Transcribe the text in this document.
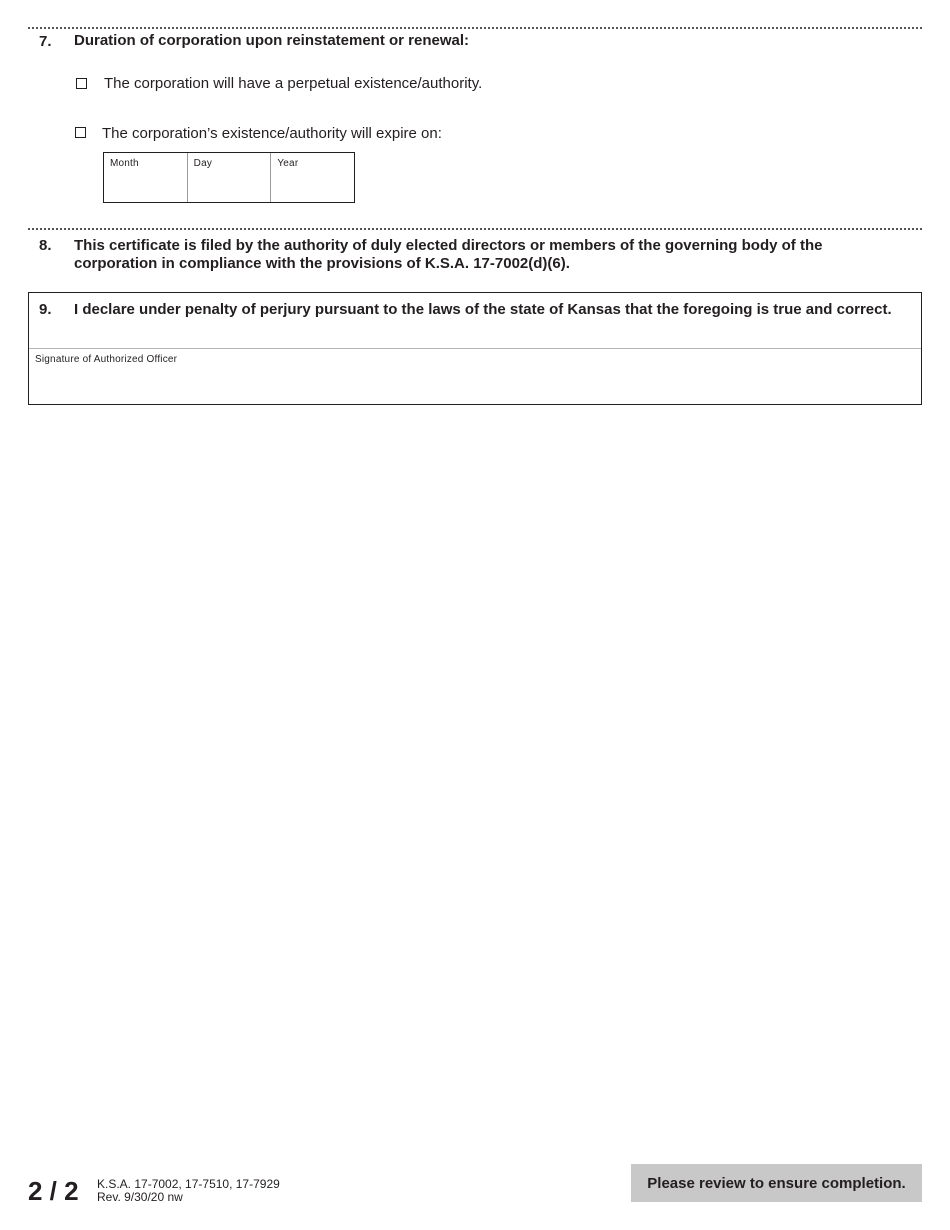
7. Duration of corporation upon reinstatement or renewal:
The corporation will have a perpetual existence/authority.
The corporation’s existence/authority will expire on:
Month	Day	Year
8. This certificate is filed by the authority of duly elected directors or members of the governing body of the
corporation in compliance with the provisions of K.S.A. 17-7002(d)(6).
9. I declare under penalty of perjury pursuant to the laws of the state of Kansas that the foregoing is true and correct.
Signature of Authorized Officer
2 / 2 K.S.A. 17-7002, 17-7510, 17-7929
Rev. 9/30/20 nw
Please review to ensure completion.
